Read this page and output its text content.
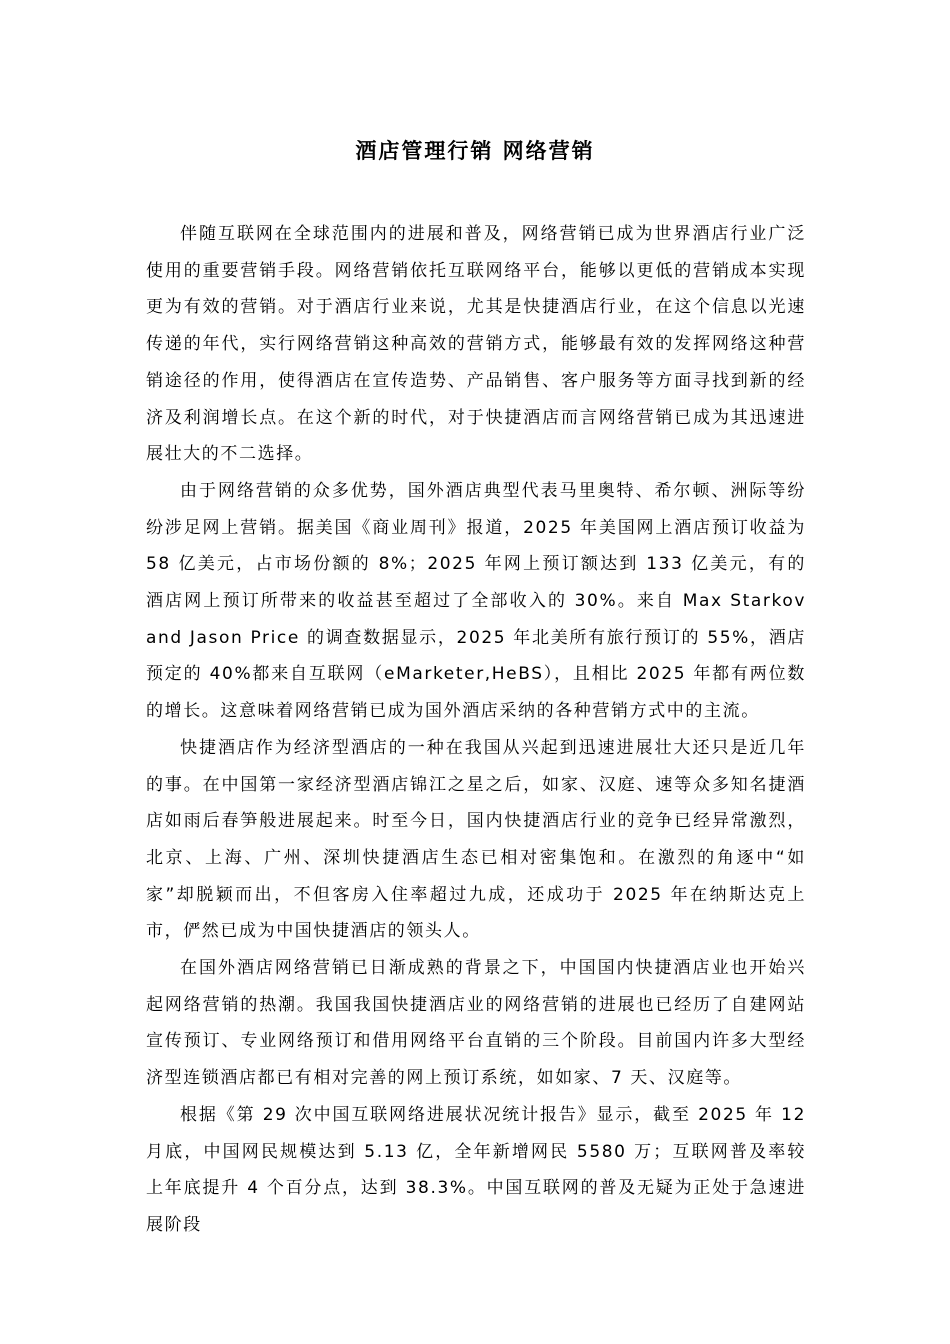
酒店管理行销 网络营销

伴随互联网在全球范围内的进展和普及，网络营销已成为世界酒店行业广泛使用的重要营销手段。网络营销依托互联网络平台，能够以更低的营销成本实现更为有效的营销。对于酒店行业来说，尤其是快捷酒店行业，在这个信息以光速传递的年代，实行网络营销这种高效的营销方式，能够最有效的发挥网络这种营销途径的作用，使得酒店在宣传造势、产品销售、客户服务等方面寻找到新的经济及利润增长点。在这个新的时代，对于快捷酒店而言网络营销已成为其迅速进展壮大的不二选择。

由于网络营销的众多优势，国外酒店典型代表马里奥特、希尔顿、洲际等纷纷涉足网上营销。据美国《商业周刊》报道，2025 年美国网上酒店预订收益为 58 亿美元，占市场份额的 8%；2025 年网上预订额达到 133 亿美元，有的酒店网上预订所带来的收益甚至超过了全部收入的 30%。来自 Max Starkov and Jason Price 的调查数据显示，2025 年北美所有旅行预订的 55%，酒店预定的 40%都来自互联网（eMarketer,HeBS），且相比 2025 年都有两位数的增长。这意味着网络营销已成为国外酒店采纳的各种营销方式中的主流。

快捷酒店作为经济型酒店的一种在我国从兴起到迅速进展壮大还只是近几年的事。在中国第一家经济型酒店锦江之星之后，如家、汉庭、速等众多知名捷酒店如雨后春笋般进展起来。时至今日，国内快捷酒店行业的竞争已经异常激烈，北京、上海、广州、深圳快捷酒店生态已相对密集饱和。在激烈的角逐中“如家”却脱颖而出，不但客房入住率超过九成，还成功于 2025 年在纳斯达克上市，俨然已成为中国快捷酒店的领头人。

在国外酒店网络营销已日渐成熟的背景之下，中国国内快捷酒店业也开始兴起网络营销的热潮。我国我国快捷酒店业的网络营销的进展也已经历了自建网站宣传预订、专业网络预订和借用网络平台直销的三个阶段。目前国内许多大型经济型连锁酒店都已有相对完善的网上预订系统，如如家、7 天、汉庭等。

根据《第 29 次中国互联网络进展状况统计报告》显示，截至 2025 年 12 月底，中国网民规模达到 5.13 亿，全年新增网民 5580 万；互联网普及率较上年底提升 4 个百分点，达到 38.3%。中国互联网的普及无疑为正处于急速进展阶段
